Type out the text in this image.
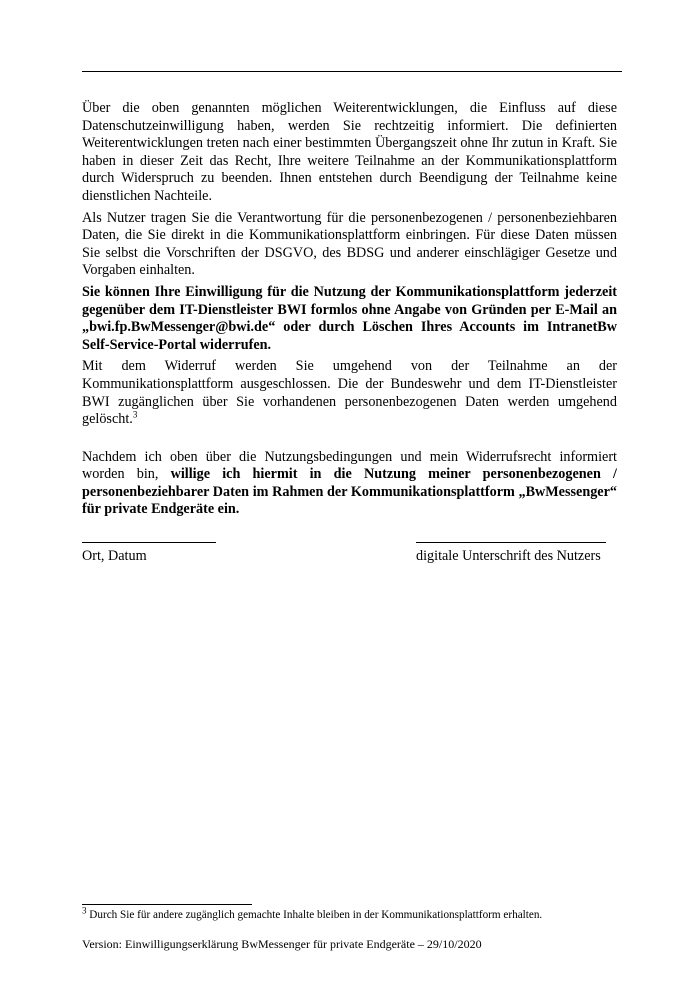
Über die oben genannten möglichen Weiterentwicklungen, die Einfluss auf diese Datenschutzeinwilligung haben, werden Sie rechtzeitig informiert. Die definierten Weiterentwicklungen treten nach einer bestimmten Übergangszeit ohne Ihr zutun in Kraft. Sie haben in dieser Zeit das Recht, Ihre weitere Teilnahme an der Kommunikationsplattform durch Widerspruch zu beenden. Ihnen entstehen durch Beendigung der Teilnahme keine dienstlichen Nachteile.

Als Nutzer tragen Sie die Verantwortung für die personenbezogenen / personenbeziehbaren Daten, die Sie direkt in die Kommunikationsplattform einbringen. Für diese Daten müssen Sie selbst die Vorschriften der DSGVO, des BDSG und anderer einschlägiger Gesetze und Vorgaben einhalten.

Sie können Ihre Einwilligung für die Nutzung der Kommunikationsplattform jederzeit gegenüber dem IT-Dienstleister BWI formlos ohne Angabe von Gründen per E-Mail an „bwi.fp.BwMessenger@bwi.de“ oder durch Löschen Ihres Accounts im IntranetBw Self-Service-Portal widerrufen.

Mit dem Widerruf werden Sie umgehend von der Teilnahme an der Kommunikationsplattform ausgeschlossen. Die der Bundeswehr und dem IT-Dienstleister BWI zugänglichen über Sie vorhandenen personenbezogenen Daten werden umgehend gelöscht.$^3$

Nachdem ich oben über die Nutzungsbedingungen und mein Widerrufsrecht informiert worden bin, willige ich hiermit in die Nutzung meiner personenbezogenen / personenbeziehbarer Daten im Rahmen der Kommunikationsplattform „BwMessenger“ für private Endgeräte ein.

Ort, Datum	digitale Unterschrift des Nutzers
$^3$ Durch Sie für andere zugänglich gemachte Inhalte bleiben in der Kommunikationsplattform erhalten.
Version: Einwilligungserklärung BwMessenger für private Endgeräte – 29/10/2020
